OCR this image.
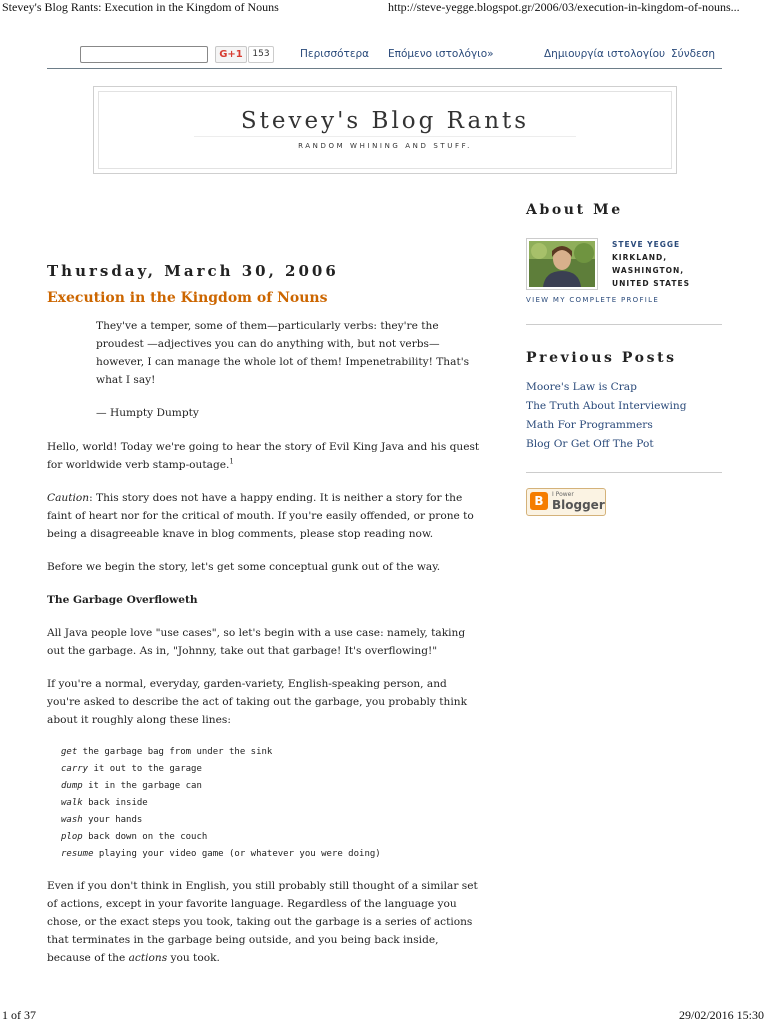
Stevey's Blog Rants: Execution in the Kingdom of Nouns	http://steve-yegge.blogspot.gr/2006/03/execution-in-kingdom-of-nouns...
G+1	153	Περισσότερα Επόμενο ιστολόγιο»	Δημιουργία ιστολογίου Σύνδεση
Stevey's Blog Rants
RANDOM WHINING AND STUFF.
Thursday, March 30, 2006
Execution in the Kingdom of Nouns

They've a temper, some of them—particularly verbs: they're the proudest —adjectives you can do anything with, but not verbs—however, I can manage the whole lot of them! Impenetrability! That's what I say!

— Humpty Dumpty

Hello, world! Today we're going to hear the story of Evil King Java and his quest for worldwide verb stamp-outage.$^1$

Caution: This story does not have a happy ending. It is neither a story for the faint of heart nor for the critical of mouth. If you're easily offended, or prone to being a disagreeable knave in blog comments, please stop reading now.

Before we begin the story, let's get some conceptual gunk out of the way.

The Garbage Overfloweth

All Java people love "use cases", so let's begin with a use case: namely, taking out the garbage. As in, "Johnny, take out that garbage! It's overflowing!"

If you're a normal, everyday, garden-variety, English-speaking person, and you're asked to describe the act of taking out the garbage, you probably think about it roughly along these lines:

get the garbage bag from under the sink
carry it out to the garage
dump it in the garbage can
walk back inside
wash your hands
plop back down on the couch
resume playing your video game (or whatever you were doing)

Even if you don't think in English, you still probably still thought of a similar set of actions, except in your favorite language. Regardless of the language you chose, or the exact steps you took, taking out the garbage is a series of actions that terminates in the garbage being outside, and you being back inside, because of the actions you took.

About Me
STEVE YEGGE
KIRKLAND, WASHINGTON, UNITED STATES
VIEW MY COMPLETE PROFILE
Previous Posts
Moore's Law is Crap
The Truth About Interviewing
Math For Programmers
Blog Or Get Off The Pot
B	I Power
Blogger
1 of 37	29/02/2016 15:30
